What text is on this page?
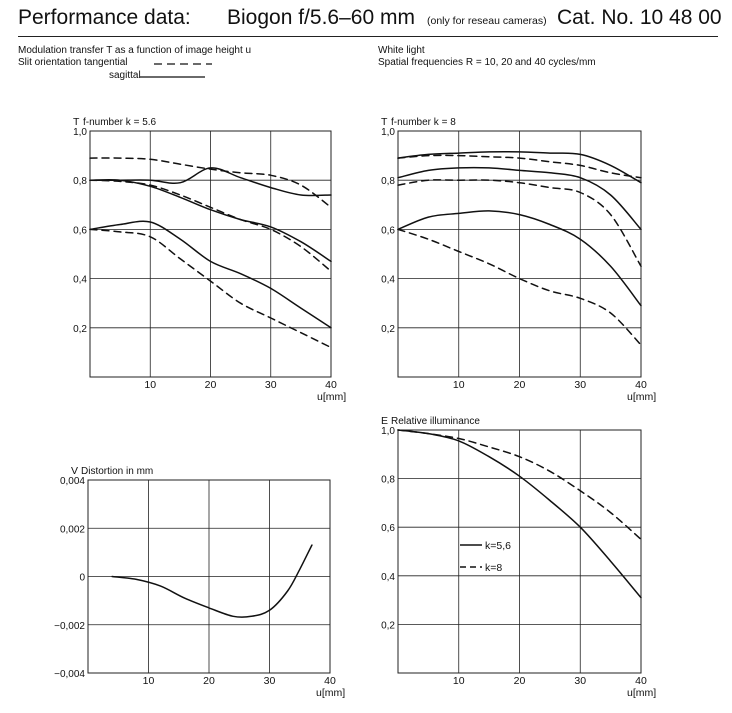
Performance data: Biogon f/5.6–60 mm (only for reseau cameras) Cat. No. 10 48 00
Modulation transfer T as a function of image height u
Slit orientation tangential
sagittal
White light
Spatial frequencies R = 10, 20 and 40 cycles/mm
10	20	30	40
0,2
0,4
0,6
0,8
1,0
T f-number k = 5.6
u[mm]
10	20	30	40
0,2
0,4
0,6
0,8
1,0
T f-number k = 8
u[mm]
10	20	30	40
−0,004
−0,002
0
0,002
0,004
V Distortion in mm
u[mm]
10	20	30	40
0,2
0,4
0,6
0,8
1,0
E Relative illuminance
u[mm]
k=5,6
k=8
